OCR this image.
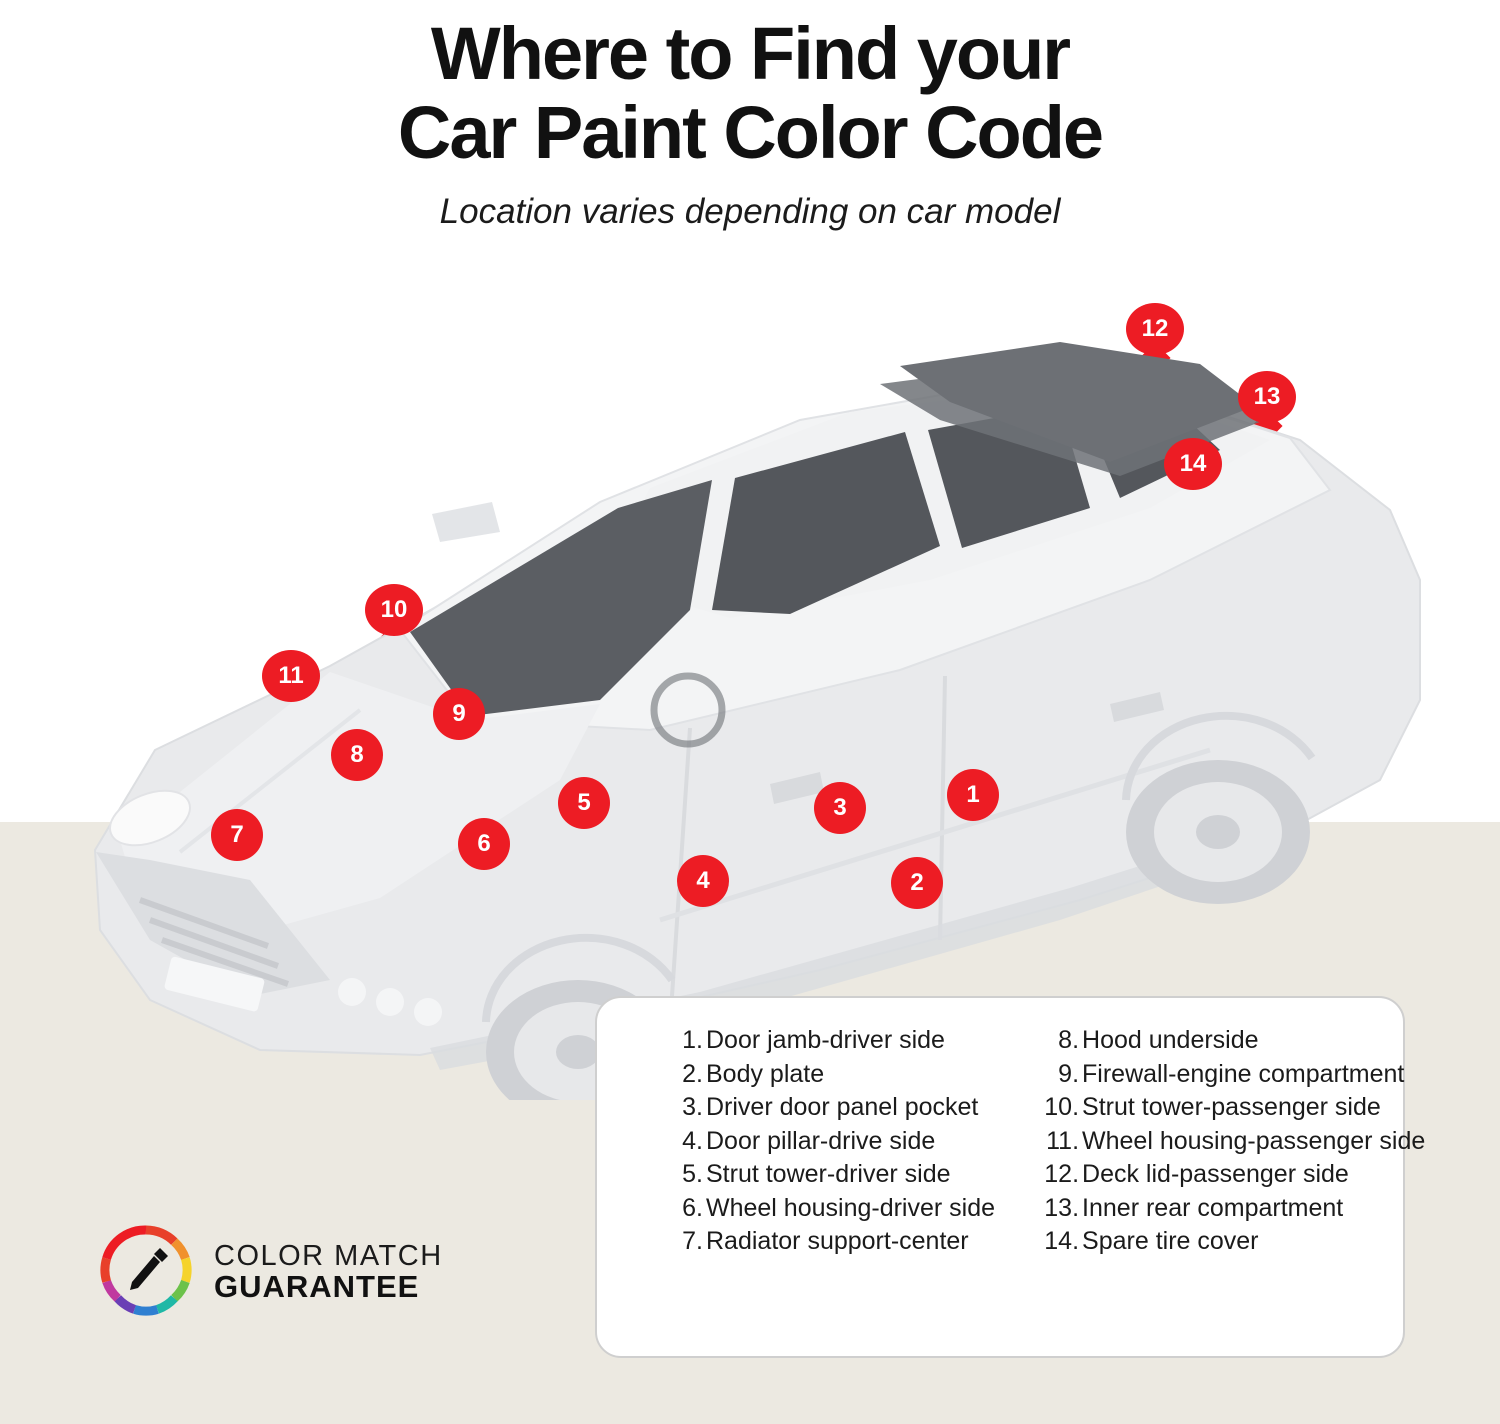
Where to Find your
Car Paint Color Code

Location varies depending on car model

1
2
3
4
5
6
7
8
9
10
11
12
13
14
1. Door jamb-driver side
2. Body plate
3. Driver door panel pocket
4. Door pillar-drive side
5. Strut tower-driver side
6. Wheel housing-driver side
7. Radiator support-center
8. Hood underside
9. Firewall-engine compartment
10. Strut tower-passenger side
11. Wheel housing-passenger side
12. Deck lid-passenger side
13. Inner rear compartment
14. Spare tire cover
COLOR MATCH
GUARANTEE
